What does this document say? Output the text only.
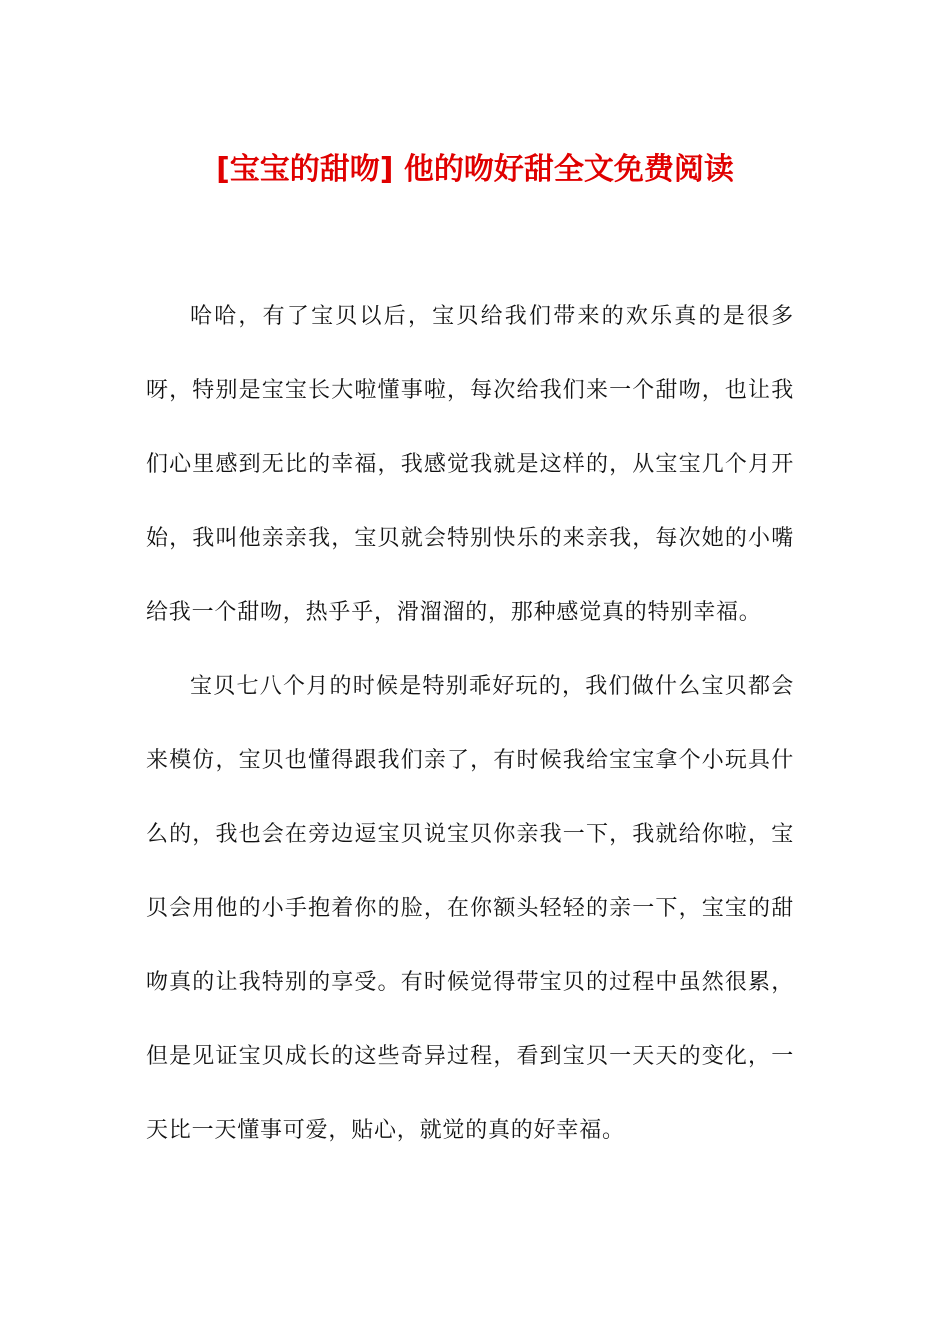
[宝宝的甜吻] 他的吻好甜全文免费阅读

哈哈，有了宝贝以后，宝贝给我们带来的欢乐真的是很多呀，特别是宝宝长大啦懂事啦，每次给我们来一个甜吻，也让我们心里感到无比的幸福，我感觉我就是这样的，从宝宝几个月开始，我叫他亲亲我，宝贝就会特别快乐的来亲我，每次她的小嘴给我一个甜吻，热乎乎，滑溜溜的，那种感觉真的特别幸福。

宝贝七八个月的时候是特别乖好玩的，我们做什么宝贝都会来模仿，宝贝也懂得跟我们亲了，有时候我给宝宝拿个小玩具什么的，我也会在旁边逗宝贝说宝贝你亲我一下，我就给你啦，宝贝会用他的小手抱着你的脸，在你额头轻轻的亲一下，宝宝的甜吻真的让我特别的享受。有时候觉得带宝贝的过程中虽然很累，但是见证宝贝成长的这些奇异过程，看到宝贝一天天的变化，一天比一天懂事可爱，贴心，就觉的真的好幸福。
